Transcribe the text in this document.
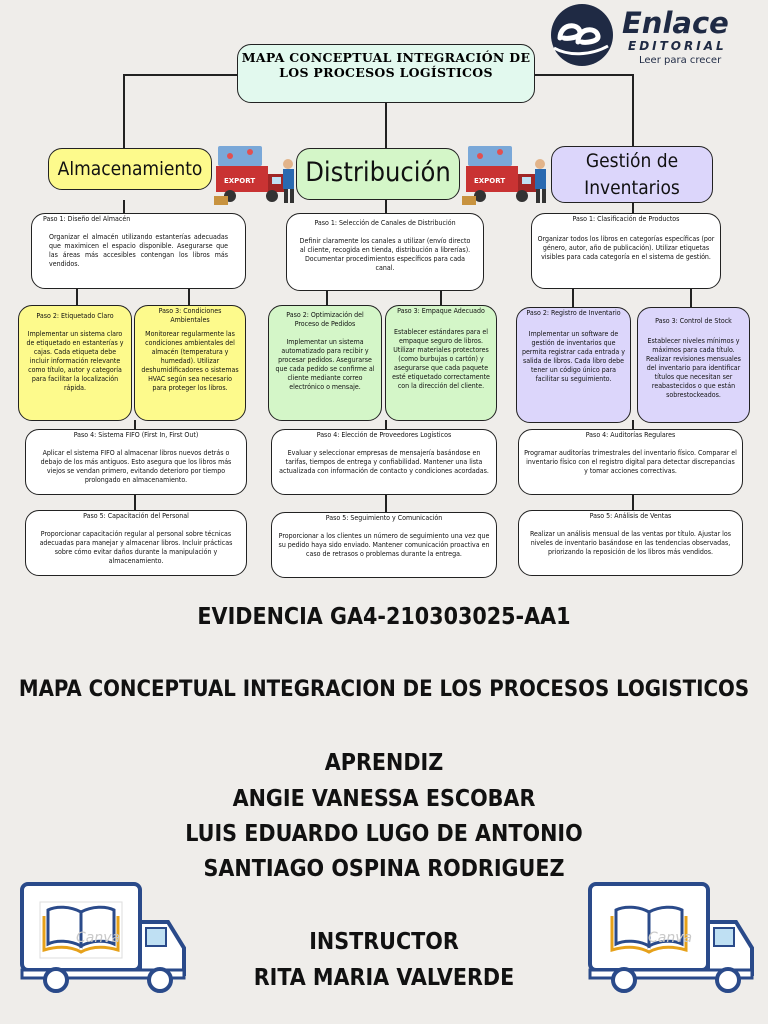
Enlace
EDITORIAL
Leer para crecer
MAPA CONCEPTUAL INTEGRACIÓN DE LOS PROCESOS LOGÍSTICOS
Almacenamiento	Distribución	Gestión de Inventarios
EXPORT	EXPORT
Paso 1: Diseño del Almacén
Organizar el almacén utilizando estanterías adecuadas que maximicen el espacio disponible. Asegurarse que las áreas más accesibles contengan los libros más vendidos.
Paso 2: Etiquetado Claro
Implementar un sistema claro de etiquetado en estanterías y cajas. Cada etiqueta debe incluir información relevante como título, autor y categoría para facilitar la localización rápida.
Paso 3: Condiciones Ambientales
Monitorear regularmente las condiciones ambientales del almacén (temperatura y humedad). Utilizar deshumidificadores o sistemas HVAC según sea necesario para proteger los libros.
Paso 4: Sistema FIFO (First In, First Out)
Aplicar el sistema FIFO al almacenar libros nuevos detrás o debajo de los más antiguos. Esto asegura que los libros más viejos se vendan primero, evitando deterioro por tiempo prolongado en almacenamiento.
Paso 5: Capacitación del Personal
Proporcionar capacitación regular al personal sobre técnicas adecuadas para manejar y almacenar libros. Incluir prácticas sobre cómo evitar daños durante la manipulación y almacenamiento.
Paso 1: Selección de Canales de Distribución
Definir claramente los canales a utilizar (envío directo al cliente, recogida en tienda, distribución a librerías). Documentar procedimientos específicos para cada canal.
Paso 2: Optimización del Proceso de Pedidos
Implementar un sistema automatizado para recibir y procesar pedidos. Asegurarse que cada pedido se confirme al cliente mediante correo electrónico o mensaje.
Paso 3: Empaque Adecuado
Establecer estándares para el empaque seguro de libros. Utilizar materiales protectores (como burbujas o cartón) y asegurarse que cada paquete esté etiquetado correctamente con la dirección del cliente.
Paso 4: Elección de Proveedores Logísticos
Evaluar y seleccionar empresas de mensajería basándose en tarifas, tiempos de entrega y confiabilidad. Mantener una lista actualizada con información de contacto y condiciones acordadas.
Paso 5: Seguimiento y Comunicación
Proporcionar a los clientes un número de seguimiento una vez que su pedido haya sido enviado. Mantener comunicación proactiva en caso de retrasos o problemas durante la entrega.
Paso 1: Clasificación de Productos
Organizar todos los libros en categorías específicas (por género, autor, año de publicación). Utilizar etiquetas visibles para cada categoría en el sistema de gestión.
Paso 2: Registro de Inventario
Implementar un software de gestión de inventarios que permita registrar cada entrada y salida de libros. Cada libro debe tener un código único para facilitar su seguimiento.
Paso 3: Control de Stock
Establecer niveles mínimos y máximos para cada título. Realizar revisiones mensuales del inventario para identificar títulos que necesitan ser reabastecidos o que están sobrestockeados.
Paso 4: Auditorías Regulares
Programar auditorías trimestrales del inventario físico. Comparar el inventario físico con el registro digital para detectar discrepancias y tomar acciones correctivas.
Paso 5: Análisis de Ventas
Realizar un análisis mensual de las ventas por título. Ajustar los niveles de inventario basándose en las tendencias observadas, priorizando la reposición de los libros más vendidos.
EVIDENCIA GA4-210303025-AA1
MAPA CONCEPTUAL INTEGRACION DE LOS PROCESOS LOGISTICOS
APRENDIZ
ANGIE VANESSA ESCOBAR
LUIS EDUARDO LUGO DE ANTONIO
SANTIAGO OSPINA RODRIGUEZ
INSTRUCTOR
RITA MARIA VALVERDE
Canva	Canva
